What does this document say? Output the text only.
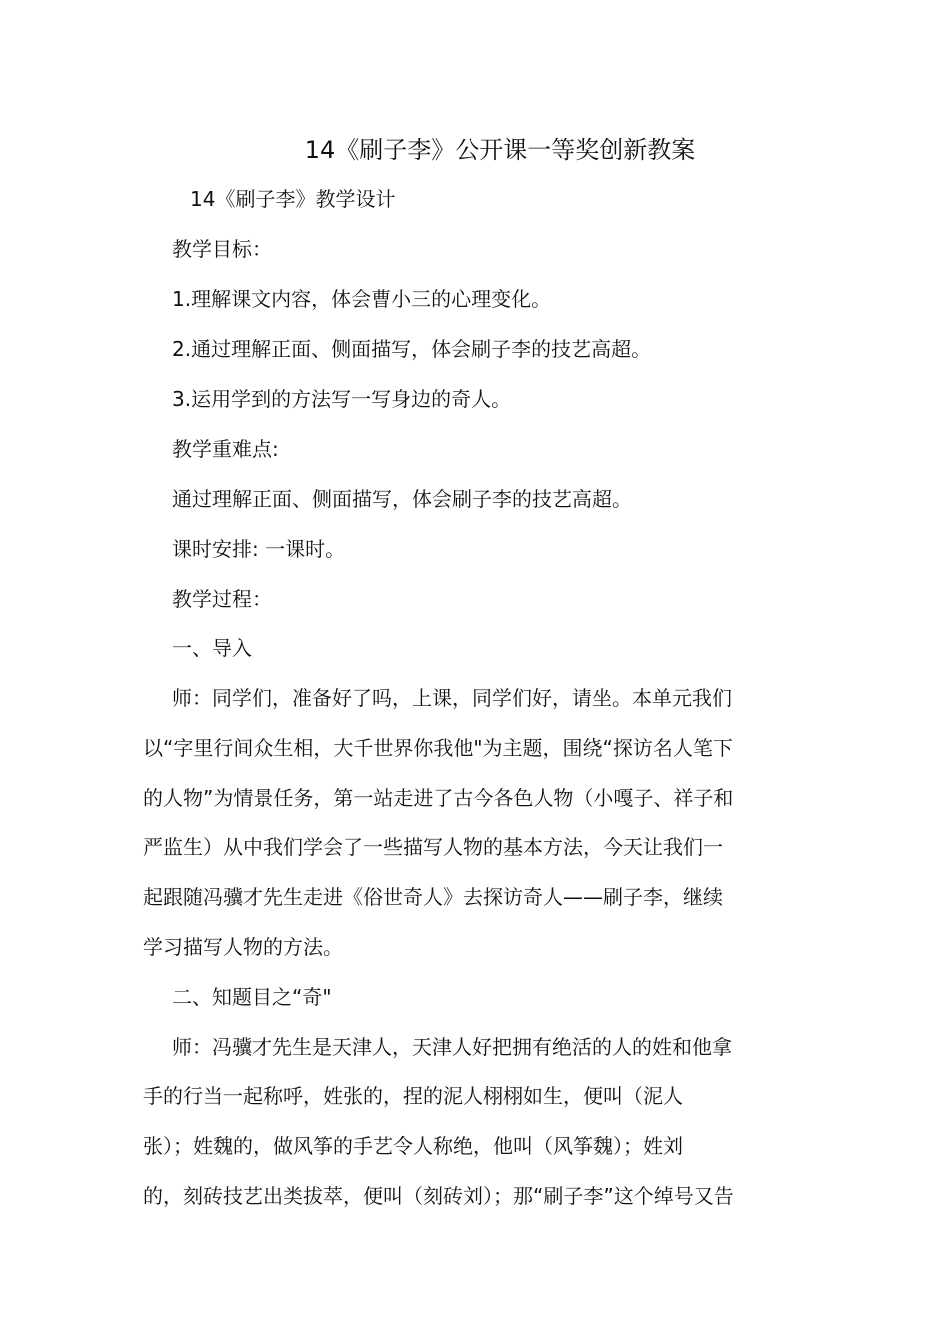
14《刷子李》公开课一等奖创新教案
14《刷子李》教学设计
教学目标：
1.理解课文内容，体会曹小三的心理变化。
2.通过理解正面、侧面描写，体会刷子李的技艺高超。
3.运用学到的方法写一写身边的奇人。
教学重难点:
通过理解正面、侧面描写，体会刷子李的技艺高超。
课时安排: 一课时。
教学过程：
一、导入
师：同学们，准备好了吗，上课，同学们好，请坐。本单元我们
以“字里行间众生相，大千世界你我他"为主题，围绕“探访名人笔下
的人物”为情景任务，第一站走进了古今各色人物（小嘎子、祥子和
严监生）从中我们学会了一些描写人物的基本方法，今天让我们一
起跟随冯骥才先生走进《俗世奇人》去探访奇人——刷子李，继续
学习描写人物的方法。
二、知题目之“奇"
师：冯骥才先生是天津人，天津人好把拥有绝活的人的姓和他拿
手的行当一起称呼，姓张的，捏的泥人栩栩如生，便叫（泥人
张）；姓魏的，做风筝的手艺令人称绝，他叫（风筝魏）；姓刘
的，刻砖技艺出类拔萃，便叫（刻砖刘）；那“刷子李”这个绰号又告
